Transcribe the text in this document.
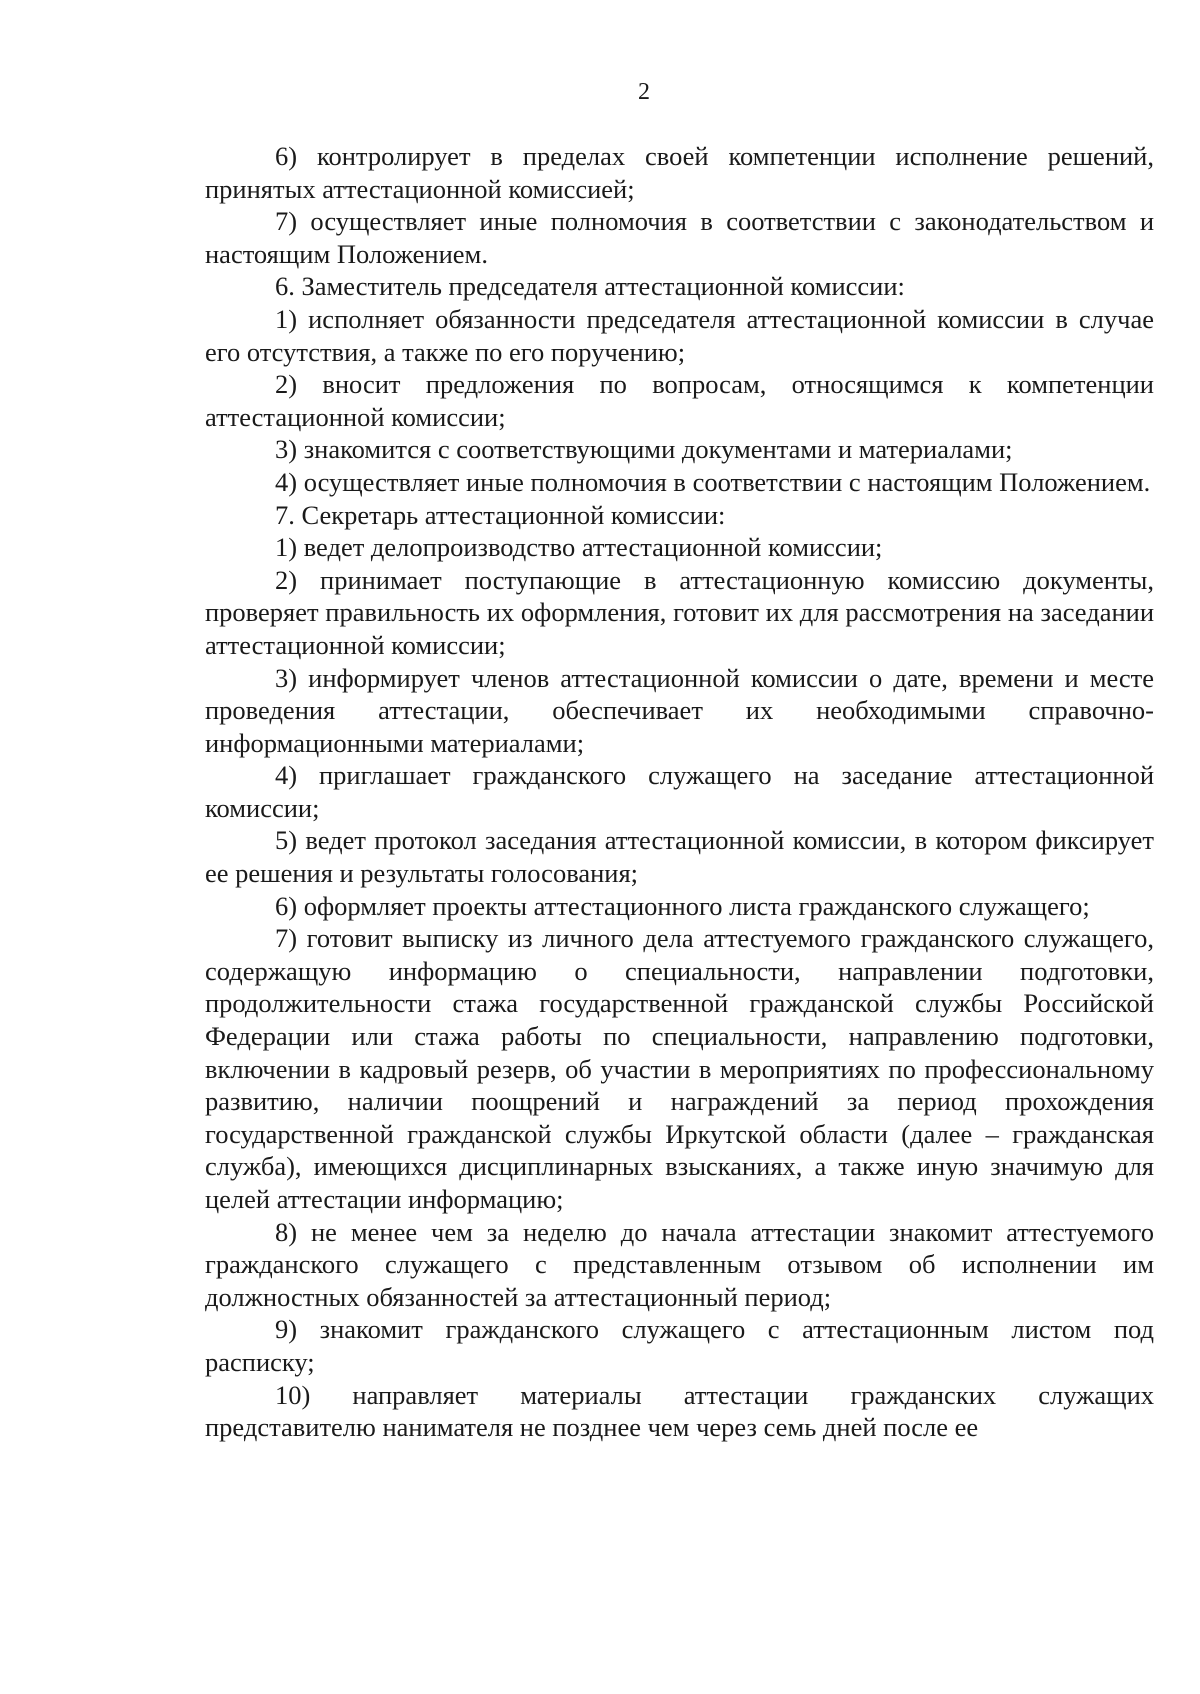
2

6) контролирует в пределах своей компетенции исполнение решений, принятых аттестационной комиссией;

7) осуществляет иные полномочия в соответствии с законодательством и настоящим Положением.

6. Заместитель председателя аттестационной комиссии:

1) исполняет обязанности председателя аттестационной комиссии в случае его отсутствия, а также по его поручению;

2) вносит предложения по вопросам, относящимся к компетенции аттестационной комиссии;

3) знакомится с соответствующими документами и материалами;

4) осуществляет иные полномочия в соответствии с настоящим Положением.

7. Секретарь аттестационной комиссии:

1) ведет делопроизводство аттестационной комиссии;

2) принимает поступающие в аттестационную комиссию документы, проверяет правильность их оформления, готовит их для рассмотрения на заседании аттестационной комиссии;

3) информирует членов аттестационной комиссии о дате, времени и месте проведения аттестации, обеспечивает их необходимыми справочно-информационными материалами;

4) приглашает гражданского служащего на заседание аттестационной комиссии;

5) ведет протокол заседания аттестационной комиссии, в котором фиксирует ее решения и результаты голосования;

6) оформляет проекты аттестационного листа гражданского служащего;

7) готовит выписку из личного дела аттестуемого гражданского служащего, содержащую информацию о специальности, направлении подготовки, продолжительности стажа государственной гражданской службы Российской Федерации или стажа работы по специальности, направлению подготовки, включении в кадровый резерв, об участии в мероприятиях по профессиональному развитию, наличии поощрений и награждений за период прохождения государственной гражданской службы Иркутской области (далее – гражданская служба), имеющихся дисциплинарных взысканиях, а также иную значимую для целей аттестации информацию;

8) не менее чем за неделю до начала аттестации знакомит аттестуемого гражданского служащего с представленным отзывом об исполнении им должностных обязанностей за аттестационный период;

9) знакомит гражданского служащего с аттестационным листом под расписку;

10) направляет материалы аттестации гражданских служащих представителю нанимателя не позднее чем через семь дней после ее
